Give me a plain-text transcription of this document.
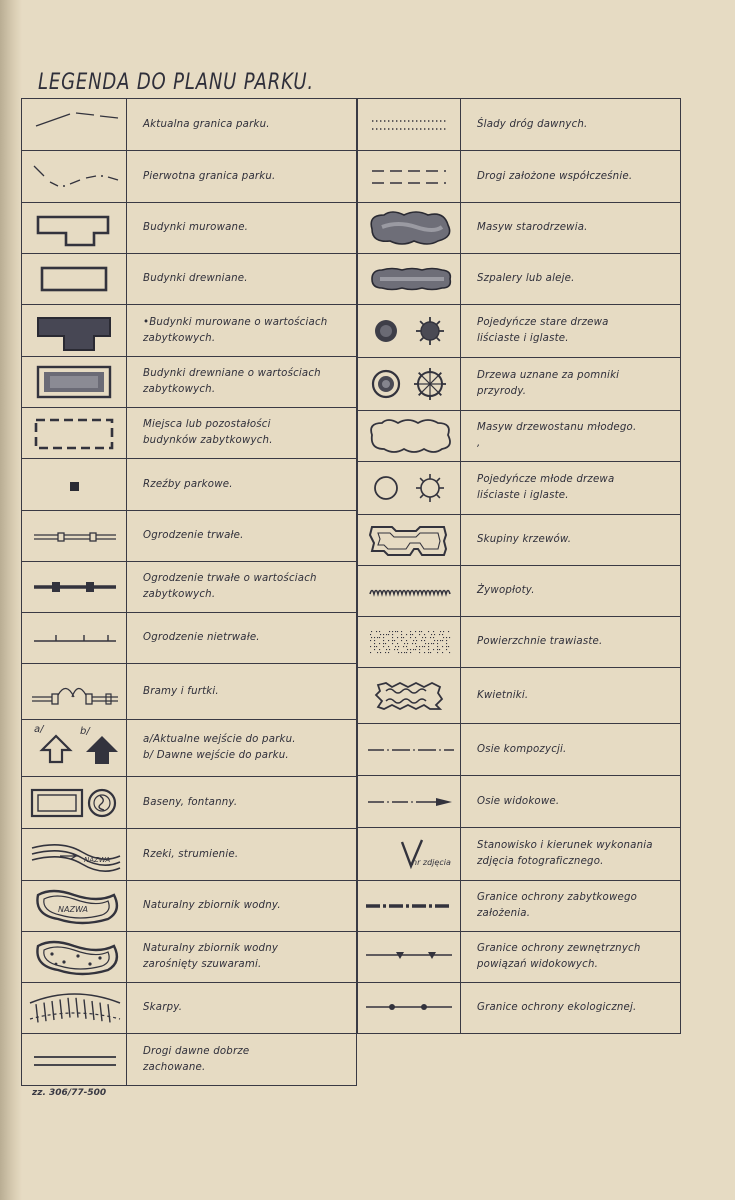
LEGENDA DO PLANU PARKU.
	Aktualna granica parku.

	Pierwotna granica parku.

	Budynki murowane.

	Budynki drewniane.

	•Budynki murowane o wartościach
zabytkowych.

	Budynki drewniane o wartościach
zabytkowych.

	Miejsca lub pozostałości
budynków zabytkowych.

	Rzeźby parkowe.

	Ogrodzenie trwałe.

	Ogrodzenie trwałe o wartościach
zabytkowych.

	Ogrodzenie nietrwałe.

	Bramy i furtki.

a/ b/	a/Aktualne wejście do parku.
b/ Dawne wejście do parku.

	Baseny, fontanny.

NAZWA	Rzeki, strumienie.

NAZWA	Naturalny zbiornik wodny.

	Naturalny zbiornik wodny
zarośnięty szuwarami.

	Skarpy.

	Drogi dawne dobrze
zachowane.
	Ślady dróg dawnych.

	Drogi założone współcześnie.

	Masyw starodrzewia.

	Szpalery lub aleje.

	Pojedyńcze stare drzewa
liściaste i iglaste.

	Drzewa uznane za pomniki
przyrody.

	Masyw drzewostanu młodego.
,

	Pojedyńcze młode drzewa
liściaste i iglaste.

	Skupiny krzewów.

	Żywopłoty.

	Powierzchnie trawiaste.

	Kwietniki.

	Osie kompozycji.

	Osie widokowe.

nr zdjęcia	Stanowisko i kierunek wykonania
zdjęcia fotograficznego.

	Granice ochrony zabytkowego
założenia.

	Granice ochrony zewnętrznych
powiązań widokowych.

	Granice ochrony ekologicznej.
zz. 306/77-500
